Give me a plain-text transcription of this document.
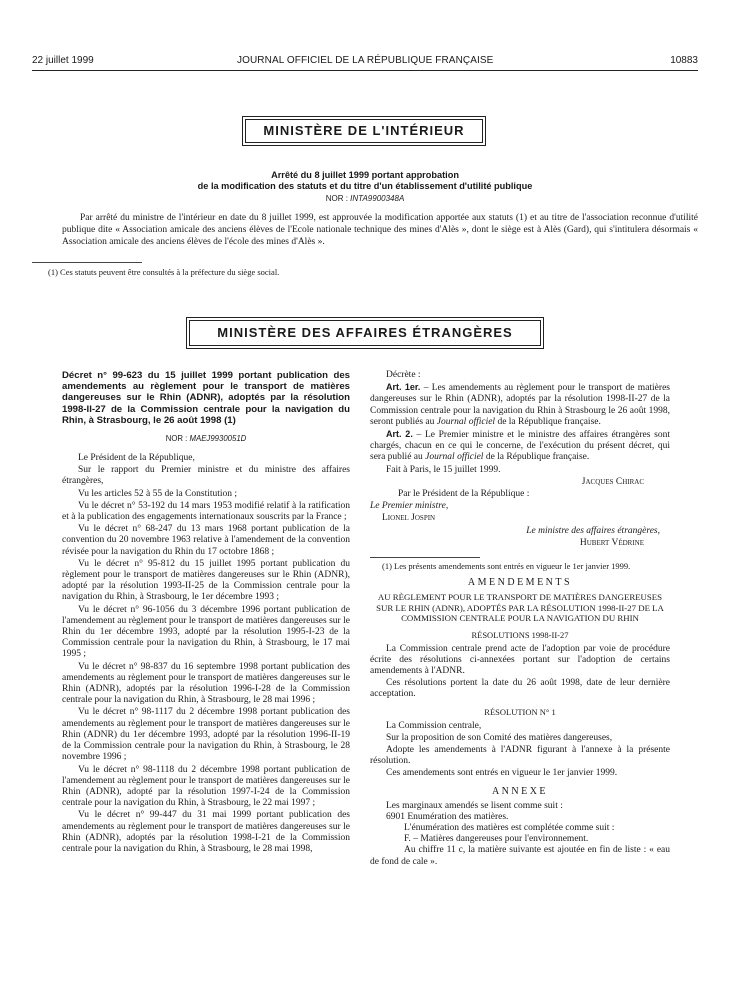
22 juillet 1999	JOURNAL OFFICIEL DE LA RÉPUBLIQUE FRANÇAISE	10883
MINISTÈRE DE L'INTÉRIEUR
Arrêté du 8 juillet 1999 portant approbation
de la modification des statuts et du titre d'un établissement d'utilité publique
NOR : INTA9900348A
Par arrêté du ministre de l'intérieur en date du 8 juillet 1999, est approuvée la modification apportée aux statuts (1) et au titre de l'association reconnue d'utilité publique dite « Association amicale des anciens élèves de l'Ecole nationale technique des mines d'Alès », dont le siège est à Alès (Gard), qui s'intitulera désormais « Association amicale des anciens élèves de l'école des mines d'Alès ».
(1) Ces statuts peuvent être consultés à la préfecture du siège social.
MINISTÈRE DES AFFAIRES ÉTRANGÈRES
Décret n° 99-623 du 15 juillet 1999 portant publication des amendements au règlement pour le transport de matières dangereuses sur le Rhin (ADNR), adoptés par la résolution 1998-II-27 de la Commission centrale pour la navigation du Rhin, à Strasbourg, le 26 août 1998 (1)
NOR : MAEJ9930051D

Le Président de la République,

Sur le rapport du Premier ministre et du ministre des affaires étrangères,

Vu les articles 52 à 55 de la Constitution ;

Vu le décret n° 53-192 du 14 mars 1953 modifié relatif à la ratification et à la publication des engagements internationaux souscrits par la France ;

Vu le décret n° 68-247 du 13 mars 1968 portant publication de la convention du 20 novembre 1963 relative à l'amendement de la convention révisée pour la navigation du Rhin du 17 octobre 1868 ;

Vu le décret n° 95-812 du 15 juillet 1995 portant publication du règlement pour le transport de matières dangereuses sur le Rhin (ADNR), adopté par la résolution 1993-II-25 de la Commission centrale pour la navigation du Rhin, à Strasbourg, le 1er décembre 1993 ;

Vu le décret n° 96-1056 du 3 décembre 1996 portant publication de l'amendement au règlement pour le transport de matières dangereuses sur le Rhin du 1er décembre 1993, adopté par la résolution 1995-I-23 de la Commission centrale pour la navigation du Rhin, à Strasbourg, le 17 mai 1995 ;

Vu le décret n° 98-837 du 16 septembre 1998 portant publication des amendements au règlement pour le transport de matières dangereuses sur le Rhin (ADNR), adoptés par la résolution 1996-I-28 de la Commission centrale pour la navigation du Rhin, à Strasbourg, le 28 mai 1996 ;

Vu le décret n° 98-1117 du 2 décembre 1998 portant publication des amendements au règlement pour le transport de matières dangereuses sur le Rhin (ADNR) du 1er décembre 1993, adopté par la résolution 1996-II-19 de la Commission centrale pour la navigation du Rhin, à Strasbourg, le 28 novembre 1996 ;

Vu le décret n° 98-1118 du 2 décembre 1998 portant publication de l'amendement au règlement pour le transport de matières dangereuses sur le Rhin (ADNR), adopté par la résolution 1997-I-24 de la Commission centrale pour la navigation du Rhin, à Strasbourg, le 22 mai 1997 ;

Vu le décret n° 99-447 du 31 mai 1999 portant publication des amendements au règlement pour le transport de matières dangereuses sur le Rhin (ADNR), adoptés par la résolution 1998-I-21 de la Commission centrale pour la navigation du Rhin, à Strasbourg, le 28 mai 1998,

Décrète :

Art. 1er. – Les amendements au règlement pour le transport de matières dangereuses sur le Rhin (ADNR), adoptés par la résolution 1998-II-27 de la Commission centrale pour la navigation du Rhin à Strasbourg le 26 août 1998, seront publiés au Journal officiel de la République française.

Art. 2. – Le Premier ministre et le ministre des affaires étrangères sont chargés, chacun en ce qui le concerne, de l'exécution du présent décret, qui sera publié au Journal officiel de la République française.

Fait à Paris, le 15 juillet 1999.

Jacques Chirac

Par le Président de la République :

Le Premier ministre,

Lionel Jospin

Le ministre des affaires étrangères,

Hubert Védrine

(1) Les présents amendements sont entrés en vigueur le 1er janvier 1999.
AMENDEMENTS
AU RÈGLEMENT POUR LE TRANSPORT DE MATIÈRES DANGEREUSES SUR LE RHIN (ADNR), ADOPTÉS PAR LA RÉSOLUTION 1998-II-27 DE LA COMMISSION CENTRALE POUR LA NAVIGATION DU RHIN
RÉSOLUTIONS 1998-II-27

La Commission centrale prend acte de l'adoption par voie de procédure écrite des résolutions ci-annexées portant sur l'adoption de certains amendements à l'ADNR.

Ces résolutions portent la date du 26 août 1998, date de leur dernière acceptation.

RÉSOLUTION N° 1

La Commission centrale,

Sur la proposition de son Comité des matières dangereuses,

Adopte les amendements à l'ADNR figurant à l'annexe à la présente résolution.

Ces amendements sont entrés en vigueur le 1er janvier 1999.

ANNEXE

Les marginaux amendés se lisent comme suit :

6901 Enumération des matières.

L'énumération des matières est complétée comme suit :

F. – Matières dangereuses pour l'environnement.

Au chiffre 11 c, la matière suivante est ajoutée en fin de liste : « eau de fond de cale ».
